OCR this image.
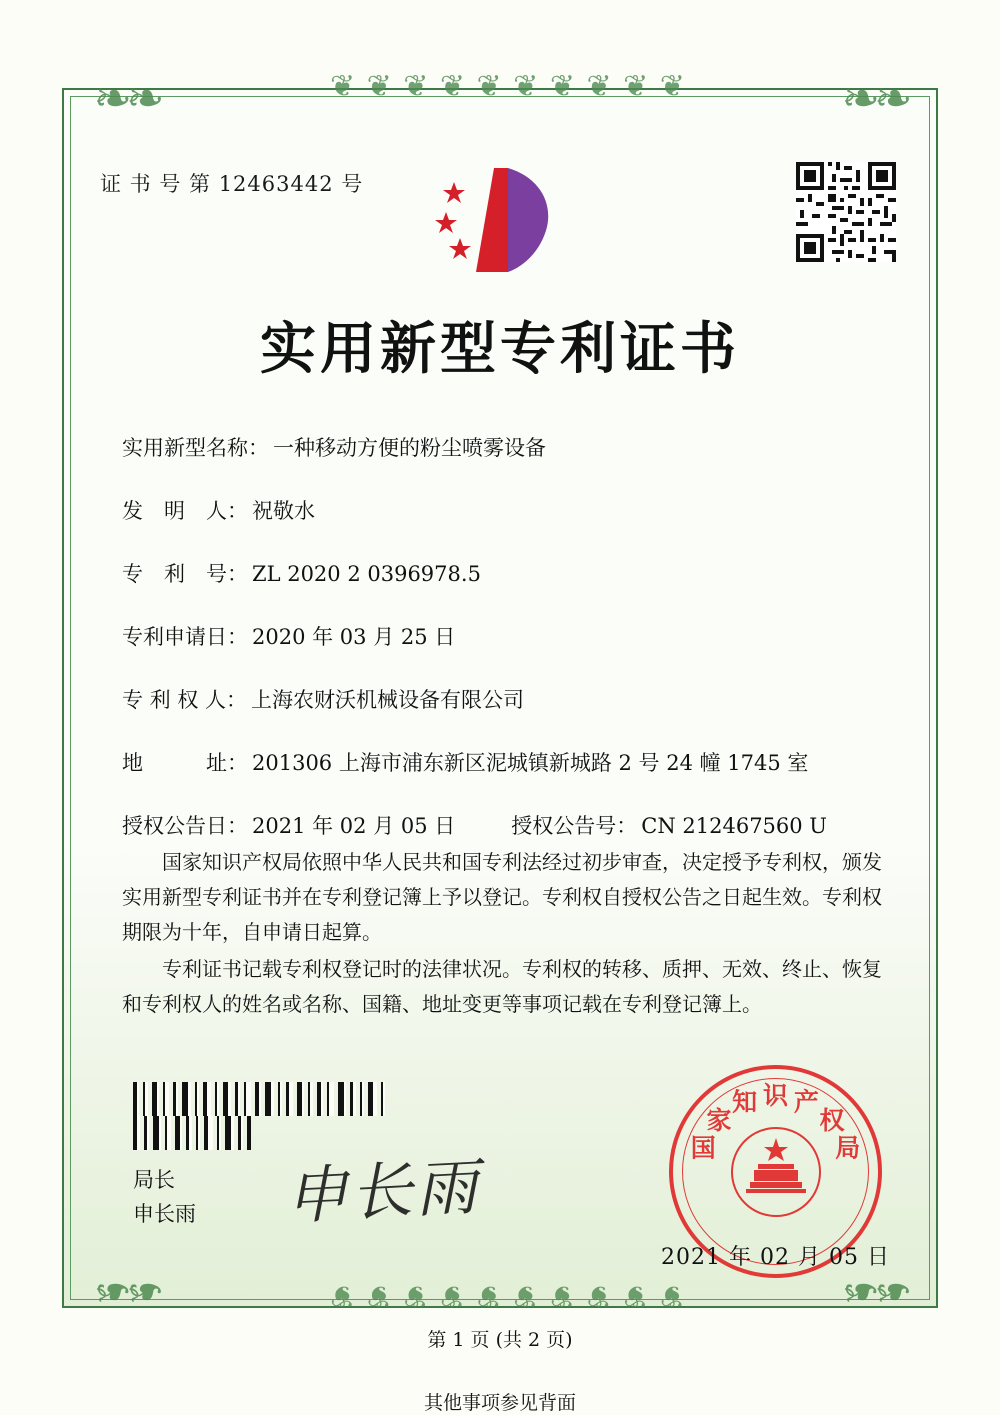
❧❧	❧❧
❧❧	❧❧
❦ ❦ ❦ ❦ ❦ ❦ ❦ ❦ ❦ ❦
❦ ❦ ❦ ❦ ❦ ❦ ❦ ❦ ❦ ❦
证 书 号 第 12463442 号
实用新型专利证书
实用新型名称： 一种移动方便的粉尘喷雾设备
发　明　人： 祝敬水
专　利　号： ZL 2020 2 0396978.5
专利申请日： 2020 年 03 月 25 日
专 利 权 人： 上海农财沃机械设备有限公司
地　　　址： 201306 上海市浦东新区泥城镇新城路 2 号 24 幢 1745 室
授权公告日： 2021 年 02 月 05 日	授权公告号： CN 212467560 U

国家知识产权局依照中华人民共和国专利法经过初步审查，决定授予专利权，颁发实用新型专利证书并在专利登记簿上予以登记。专利权自授权公告之日起生效。专利权期限为十年，自申请日起算。

专利证书记载专利权登记时的法律状况。专利权的转移、质押、无效、终止、恢复和专利权人的姓名或名称、国籍、地址变更等事项记载在专利登记簿上。

局长
申长雨 申长雨
国
家
知 识 产
权
局
2021 年 02 月 05 日
第 1 页 (共 2 页)
其他事项参见背面
